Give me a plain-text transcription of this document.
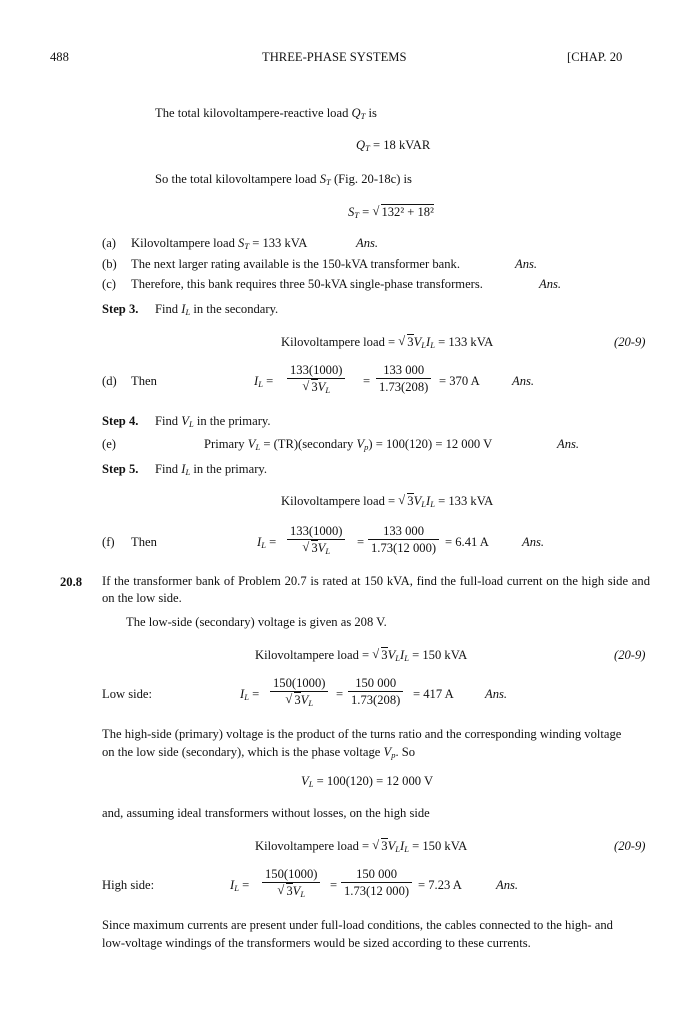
488	THREE-PHASE SYSTEMS	[CHAP. 20
The total kilovoltampere-reactive load $Q_T$ is
$Q_T = 18$ kVAR
So the total kilovoltampere load $S_T$ (Fig. 20-18c) is
$S_T$ = √ 132² + 18²
(a) Kilovoltampere load $S_T = 133$ kVA	Ans.
(b) The next larger rating available is the 150-kVA transformer bank.	Ans.
(c) Therefore, this bank requires three 50-kVA single-phase transformers.	Ans.
Step 3. Find $I_L$ in the secondary.
Kilovoltampere load = √ $3V_LI_L = 133$ kVA	(20-9)
(d) Then	$I_L = 133(1000)$
√ $3V_L = \frac{133 000}{1.73(208)} = 370$ A	Ans.
Step 4. Find $V_L$ in the primary.
(e)	Primary $V_L$ = (TR)(secondary $V_p) = 100(120) = 12$ 000 V	Ans.
Step 5. Find $I_L$ in the primary.
Kilovoltampere load = √ $3V_LI_L = 133$ kVA
(f) Then	$I_L = 133(1000)$
√ $3V_L = \frac{133 000}{1.73(12 000)} = 6.41$ A	Ans.
20.8 If the transformer bank of Problem 20.7 is rated at 150 kVA, find the full-load current on the high side and on the low side.
The low-side (secondary) voltage is given as 208 V.
Kilovoltampere load = √ $3V_LI_L = 150$ kVA	(20-9)
Low side:	$I_L = 150(1000)$
√ $3V_L = \frac{150 000}{1.73(208)} = 417$ A Ans.
The high-side (primary) voltage is the product of the turns ratio and the corresponding winding voltage
on the low side (secondary), which is the phase voltage $V_p$. So
$V_L = 100(120) = 12$ 000 V
and, assuming ideal transformers without losses, on the high side
Kilovoltampere load = √ $3V_LI_L = 150$ kVA	(20-9)
High side:	$I_L = 150(1000)$
√ $3V_L = \frac{150 000}{1.73(12 000)} = 7.23$ A	Ans.
Since maximum currents are present under full-load conditions, the cables connected to the high- and
low-voltage windings of the transformers would be sized according to these currents.
